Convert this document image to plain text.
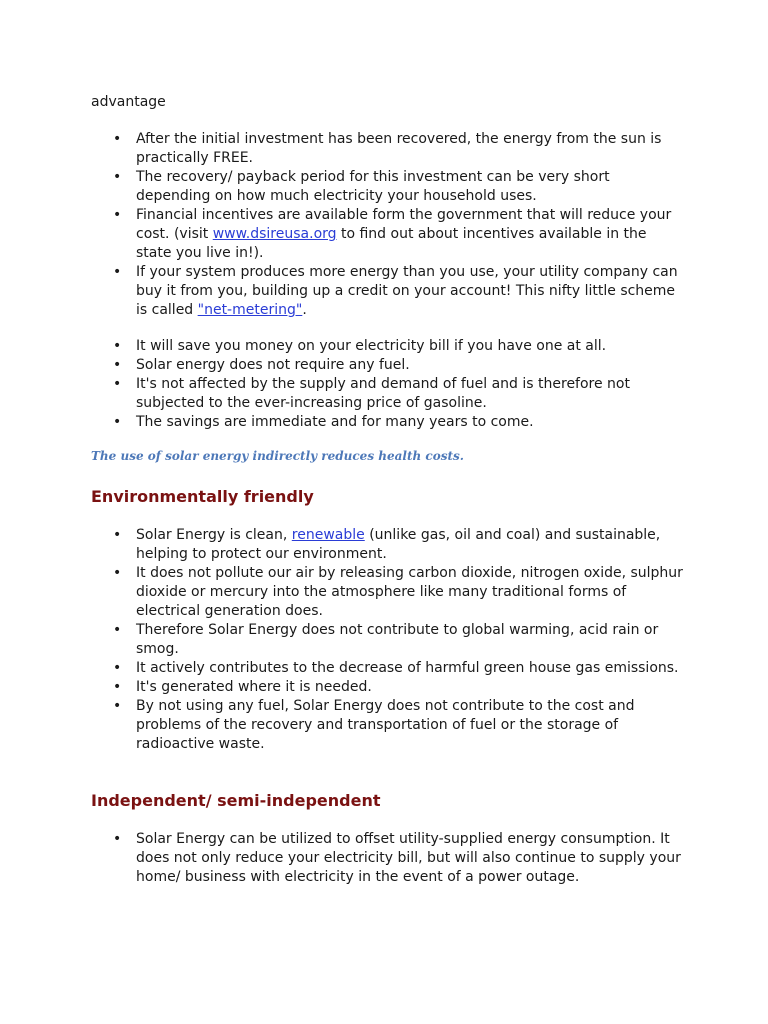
advantage
• After the initial investment has been recovered, the energy from the sun is practically FREE.
• The recovery/ payback period for this investment can be very short depending on how much electricity your household uses.
• Financial incentives are available form the government that will reduce your cost. (visit www.dsireusa.org to find out about incentives available in the state you live in!).
• If your system produces more energy than you use, your utility company can buy it from you, building up a credit on your account! This nifty little scheme is called "net-metering".
• It will save you money on your electricity bill if you have one at all.
• Solar energy does not require any fuel.
• It's not affected by the supply and demand of fuel and is therefore not subjected to the ever-increasing price of gasoline.
• The savings are immediate and for many years to come.
The use of solar energy indirectly reduces health costs.
Environmentally friendly
• Solar Energy is clean, renewable (unlike gas, oil and coal) and sustainable, helping to protect our environment.
• It does not pollute our air by releasing carbon dioxide, nitrogen oxide, sulphur dioxide or mercury into the atmosphere like many traditional forms of electrical generation does.
• Therefore Solar Energy does not contribute to global warming, acid rain or smog.
• It actively contributes to the decrease of harmful green house gas emissions.
• It's generated where it is needed.
• By not using any fuel, Solar Energy does not contribute to the cost and problems of the recovery and transportation of fuel or the storage of radioactive waste.
Independent/ semi-independent
• Solar Energy can be utilized to offset utility-supplied energy consumption. It does not only reduce your electricity bill, but will also continue to supply your home/ business with electricity in the event of a power outage.
